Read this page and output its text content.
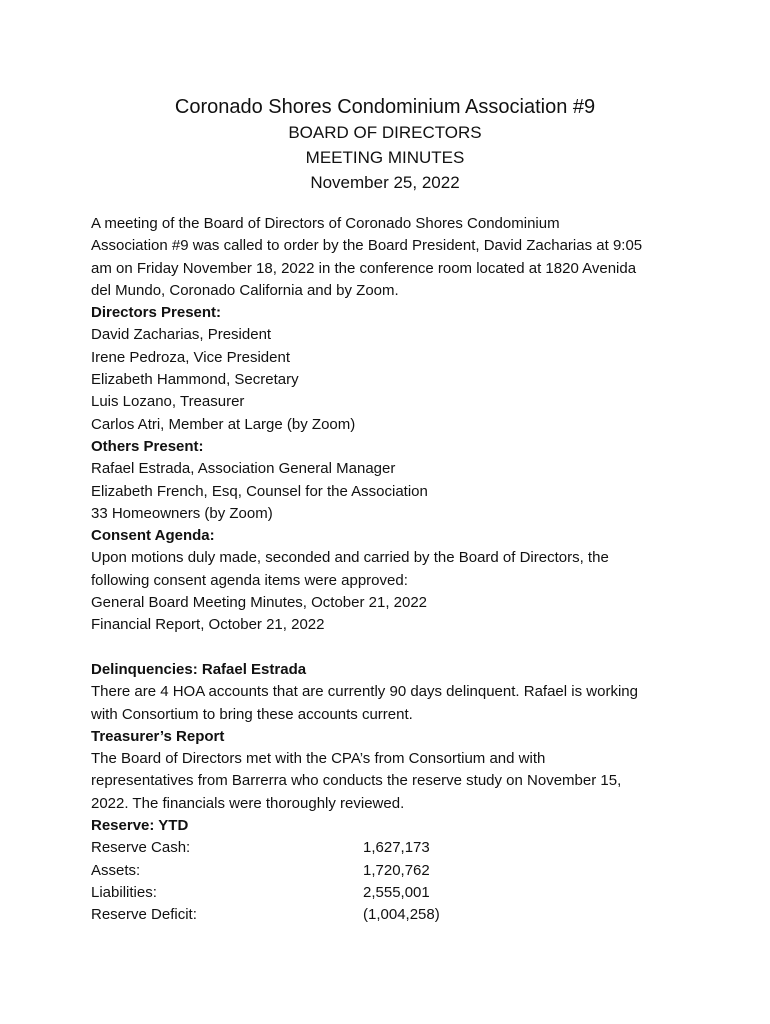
Coronado Shores Condominium Association #9

BOARD OF DIRECTORS

MEETING MINUTES

November 25, 2022

A meeting of the Board of Directors of Coronado Shores Condominium

Association #9 was called to order by the Board President, David Zacharias at 9:05

am on Friday November 18, 2022 in the conference room located at 1820 Avenida

del Mundo, Coronado California and by Zoom.

Directors Present:

David Zacharias, President

Irene Pedroza, Vice President

Elizabeth Hammond, Secretary

Luis Lozano, Treasurer

Carlos Atri, Member at Large (by Zoom)

Others Present:

Rafael Estrada, Association General Manager

Elizabeth French, Esq, Counsel for the Association

33 Homeowners (by Zoom)

Consent Agenda:

Upon motions duly made, seconded and carried by the Board of Directors, the

following consent agenda items were approved:

General Board Meeting Minutes, October 21, 2022

Financial Report, October 21, 2022

Delinquencies: Rafael Estrada

There are 4 HOA accounts that are currently 90 days delinquent. Rafael is working

with Consortium to bring these accounts current.

Treasurer’s Report

The Board of Directors met with the CPA’s from Consortium and with

representatives from Barrerra who conducts the reserve study on November 15,

2022. The financials were thoroughly reviewed.

Reserve: YTD

Reserve Cash:	1,627,173
Assets:	1,720,762
Liabilities:	2,555,001
Reserve Deficit:	(1,004,258)
